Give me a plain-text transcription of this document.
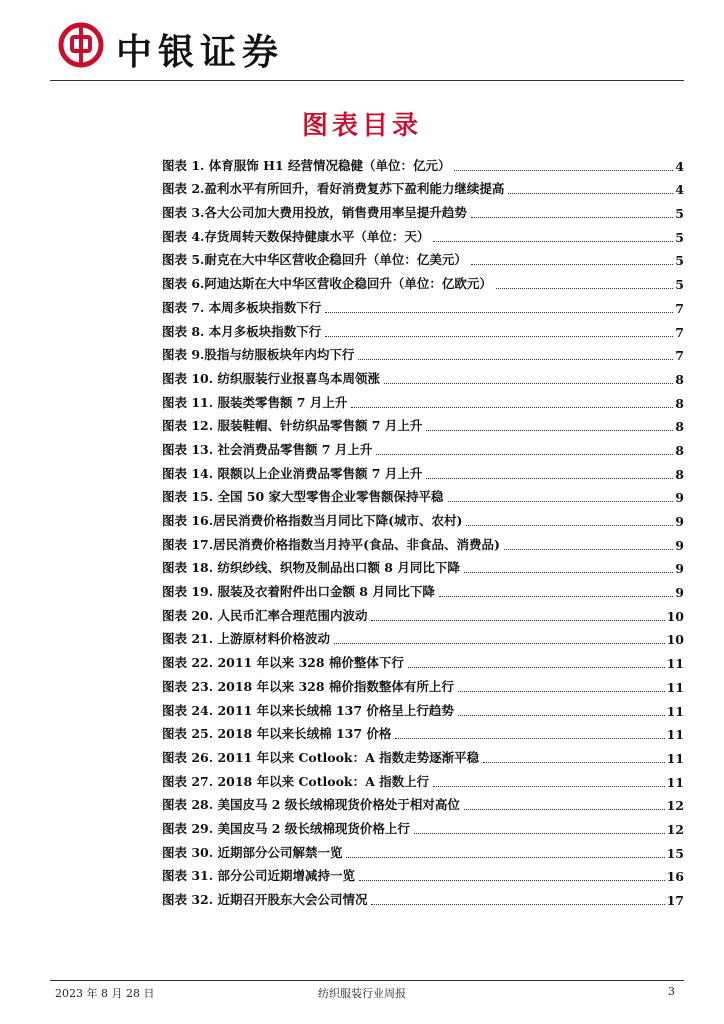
中银证券
图表目录
图表 1. 体育服饰 H1 经营情况稳健（单位：亿元）	4
图表 2.盈利水平有所回升，看好消费复苏下盈利能力继续提高	4
图表 3.各大公司加大费用投放，销售费用率呈提升趋势	5
图表 4.存货周转天数保持健康水平（单位：天）	5
图表 5.耐克在大中华区营收企稳回升（单位：亿美元）	5
图表 6.阿迪达斯在大中华区营收企稳回升（单位：亿欧元）	5
图表 7. 本周多板块指数下行	7
图表 8. 本月多板块指数下行	7
图表 9.股指与纺服板块年内均下行	7
图表 10. 纺织服装行业报喜鸟本周领涨	8
图表 11. 服装类零售额 7 月上升	8
图表 12. 服装鞋帽、针纺织品零售额 7 月上升	8
图表 13. 社会消费品零售额 7 月上升	8
图表 14. 限额以上企业消费品零售额 7 月上升	8
图表 15. 全国 50 家大型零售企业零售额保持平稳	9
图表 16.居民消费价格指数当月同比下降(城市、农村)	9
图表 17.居民消费价格指数当月持平(食品、非食品、消费品)	9
图表 18. 纺织纱线、织物及制品出口额 8 月同比下降	9
图表 19. 服装及衣着附件出口金额 8 月同比下降	9
图表 20. 人民币汇率合理范围内波动	10
图表 21. 上游原材料价格波动	10
图表 22. 2011 年以来 328 棉价整体下行	11
图表 23. 2018 年以来 328 棉价指数整体有所上行	11
图表 24. 2011 年以来长绒棉 137 价格呈上行趋势	11
图表 25. 2018 年以来长绒棉 137 价格	11
图表 26. 2011 年以来 Cotlook：A 指数走势逐渐平稳	11
图表 27. 2018 年以来 Cotlook：A 指数上行	11
图表 28. 美国皮马 2 级长绒棉现货价格处于相对高位	12
图表 29. 美国皮马 2 级长绒棉现货价格上行	12
图表 30. 近期部分公司解禁一览	15
图表 31. 部分公司近期增减持一览	16
图表 32. 近期召开股东大会公司情况	17
2023 年 8 月 28 日	纺织服装行业周报	3
